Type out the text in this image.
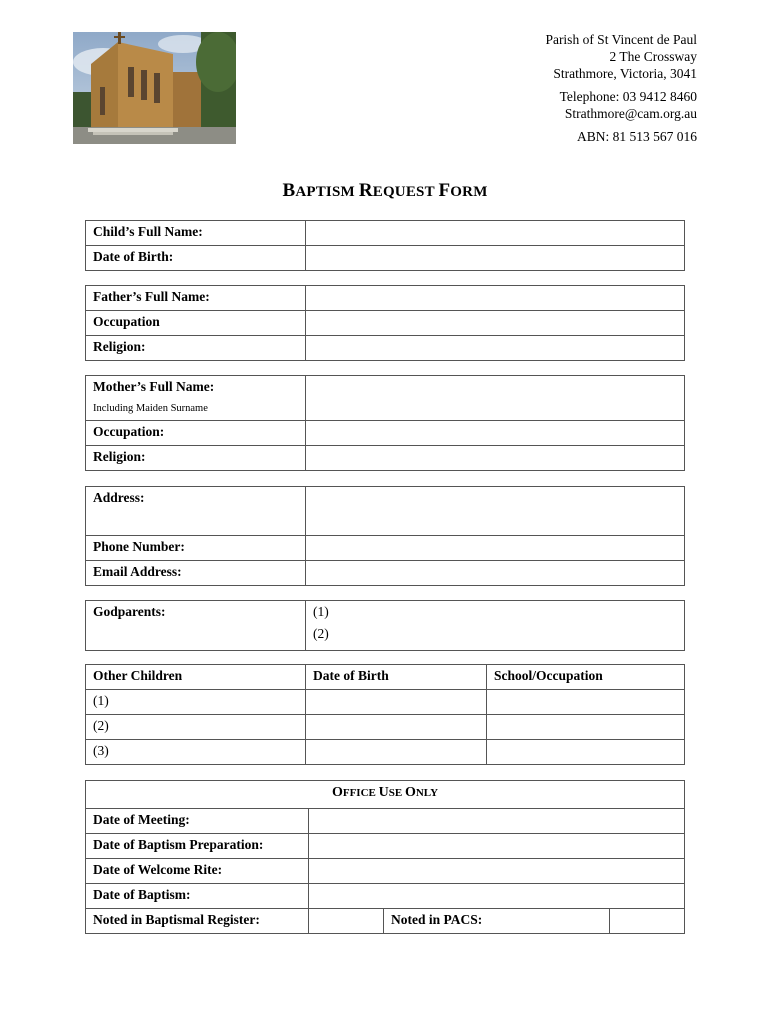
Parish of St Vincent de Paul
2 The Crossway
Strathmore, Victoria, 3041
Telephone: 03 9412 8460
Strathmore@cam.org.au
ABN: 81 513 567 016
BAPTISM REQUEST FORM
Child’s Full Name:	
Date of Birth:	
Father’s Full Name:	
Occupation	
Religion:	
Mother’s Full Name:
Including Maiden Surname	

Occupation:	
Religion:	
Address:	
Phone Number:	
Email Address:	
Godparents:	(1)
(2)
Other Children	Date of Birth	School/Occupation
(1)		
(2)		
(3)		
OFFICE USE ONLY			
Date of Meeting:			
Date of Baptism Preparation:			
Date of Welcome Rite:			
Date of Baptism:			
Noted in Baptismal Register:		Noted in PACS:	
